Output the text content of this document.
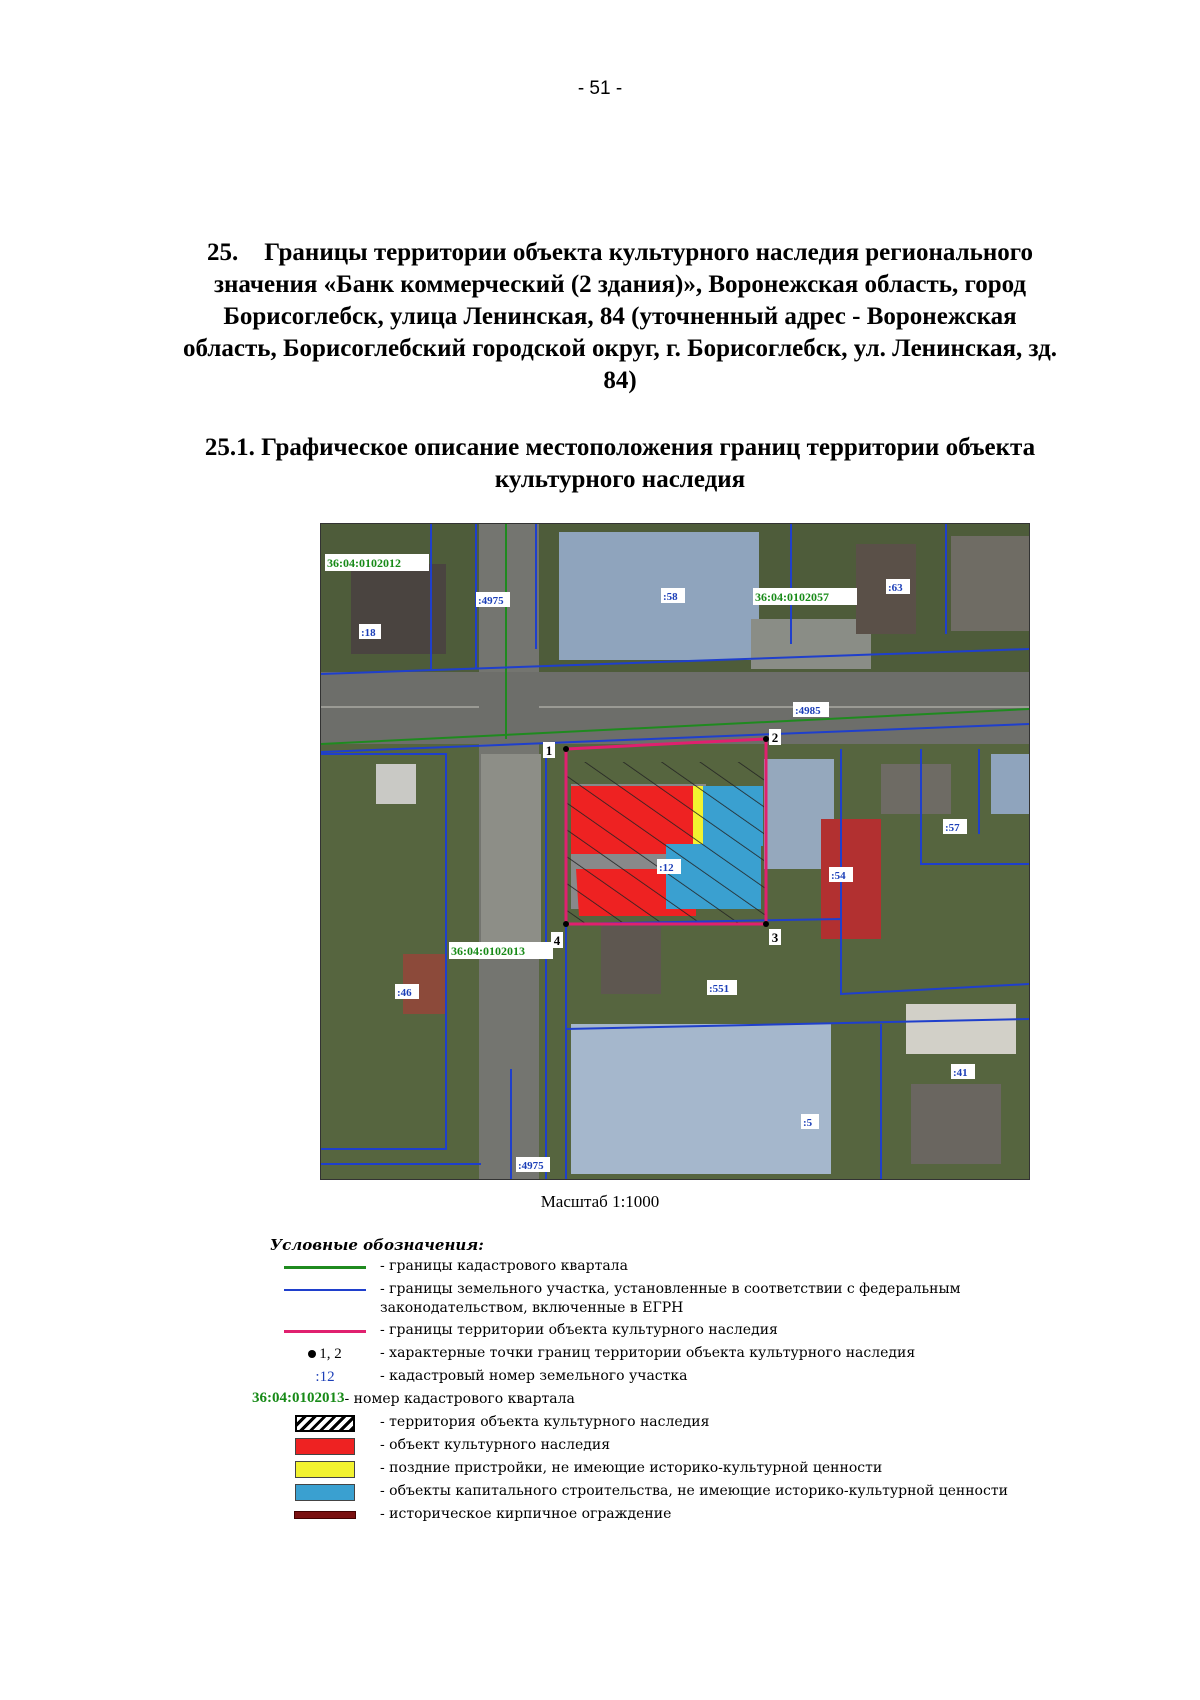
- 51 -
25. Границы территории объекта культурного наследия регионального значения «Банк коммерческий (2 здания)», Воронежская область, город Борисоглебск, улица Ленинская, 84 (уточненный адрес - Воронежская область, Борисоглебский городской округ, г. Борисоглебск, ул. Ленинская, зд. 84)
25.1. Графическое описание местоположения границ территории объекта культурного наследия
1
2
3
4
36:04:0102012
36:04:0102057
36:04:0102013
:4975	:58
:63
:18
:4985
:57
:12
:54
:46	:551
:41
:5
:4975
Масштаб 1:1000
Условные обозначения:
- границы кадастрового квартала
- границы земельного участка, установленные в соответствии с федеральным законодательством, включенные в ЕГРН
- границы территории объекта культурного наследия
1, 2	- характерные точки границ территории объекта культурного наследия
:12	- кадастровый номер земельного участка
36:04:0102013 - номер кадастрового квартала
- территория объекта культурного наследия
- объект культурного наследия
- поздние пристройки, не имеющие историко-культурной ценности
- объекты капитального строительства, не имеющие историко-культурной ценности
- историческое кирпичное ограждение
